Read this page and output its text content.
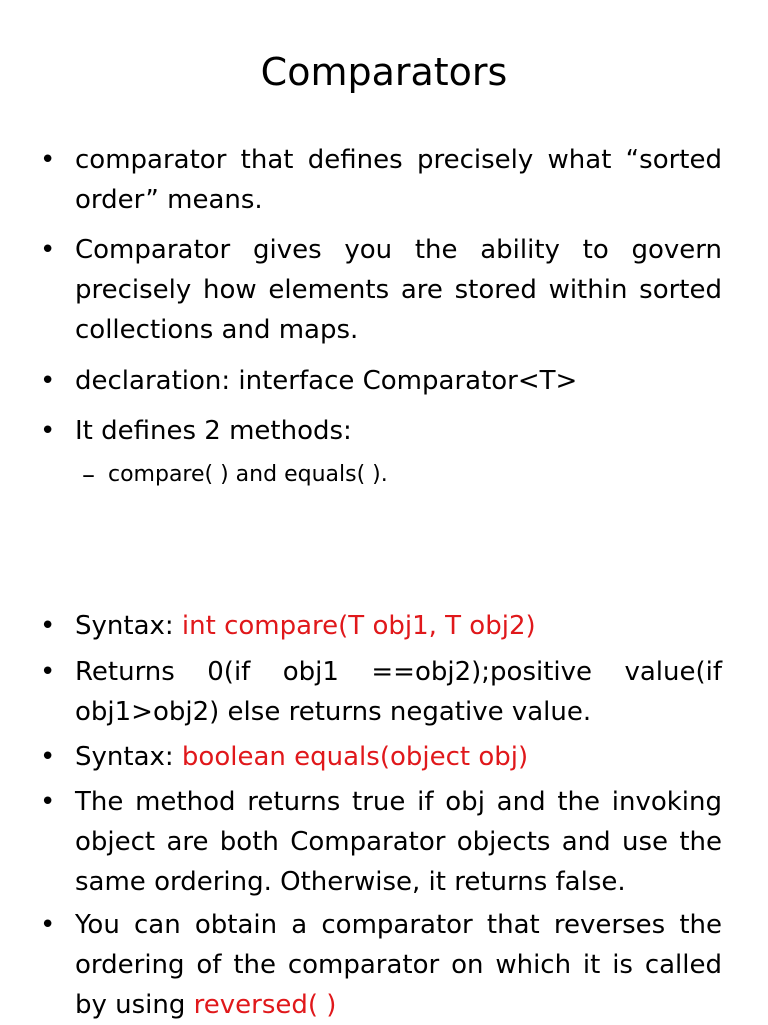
Comparators
• comparator that defines precisely what “sorted order” means.
• Comparator gives you the ability to govern precisely how elements are stored within sorted collections and maps.
• declaration: interface Comparator<T>
• It defines 2 methods:
– compare( ) and equals( ).
• Syntax: int compare(T obj1, T obj2)
• Returns 0(if obj1 ==obj2);positive value(if obj1>obj2) else returns negative value.
• Syntax: boolean equals(object obj)
• The method returns true if obj and the invoking object are both Comparator objects and use the same ordering. Otherwise, it returns false.
• You can obtain a comparator that reverses the ordering of the comparator on which it is called by using reversed( )
